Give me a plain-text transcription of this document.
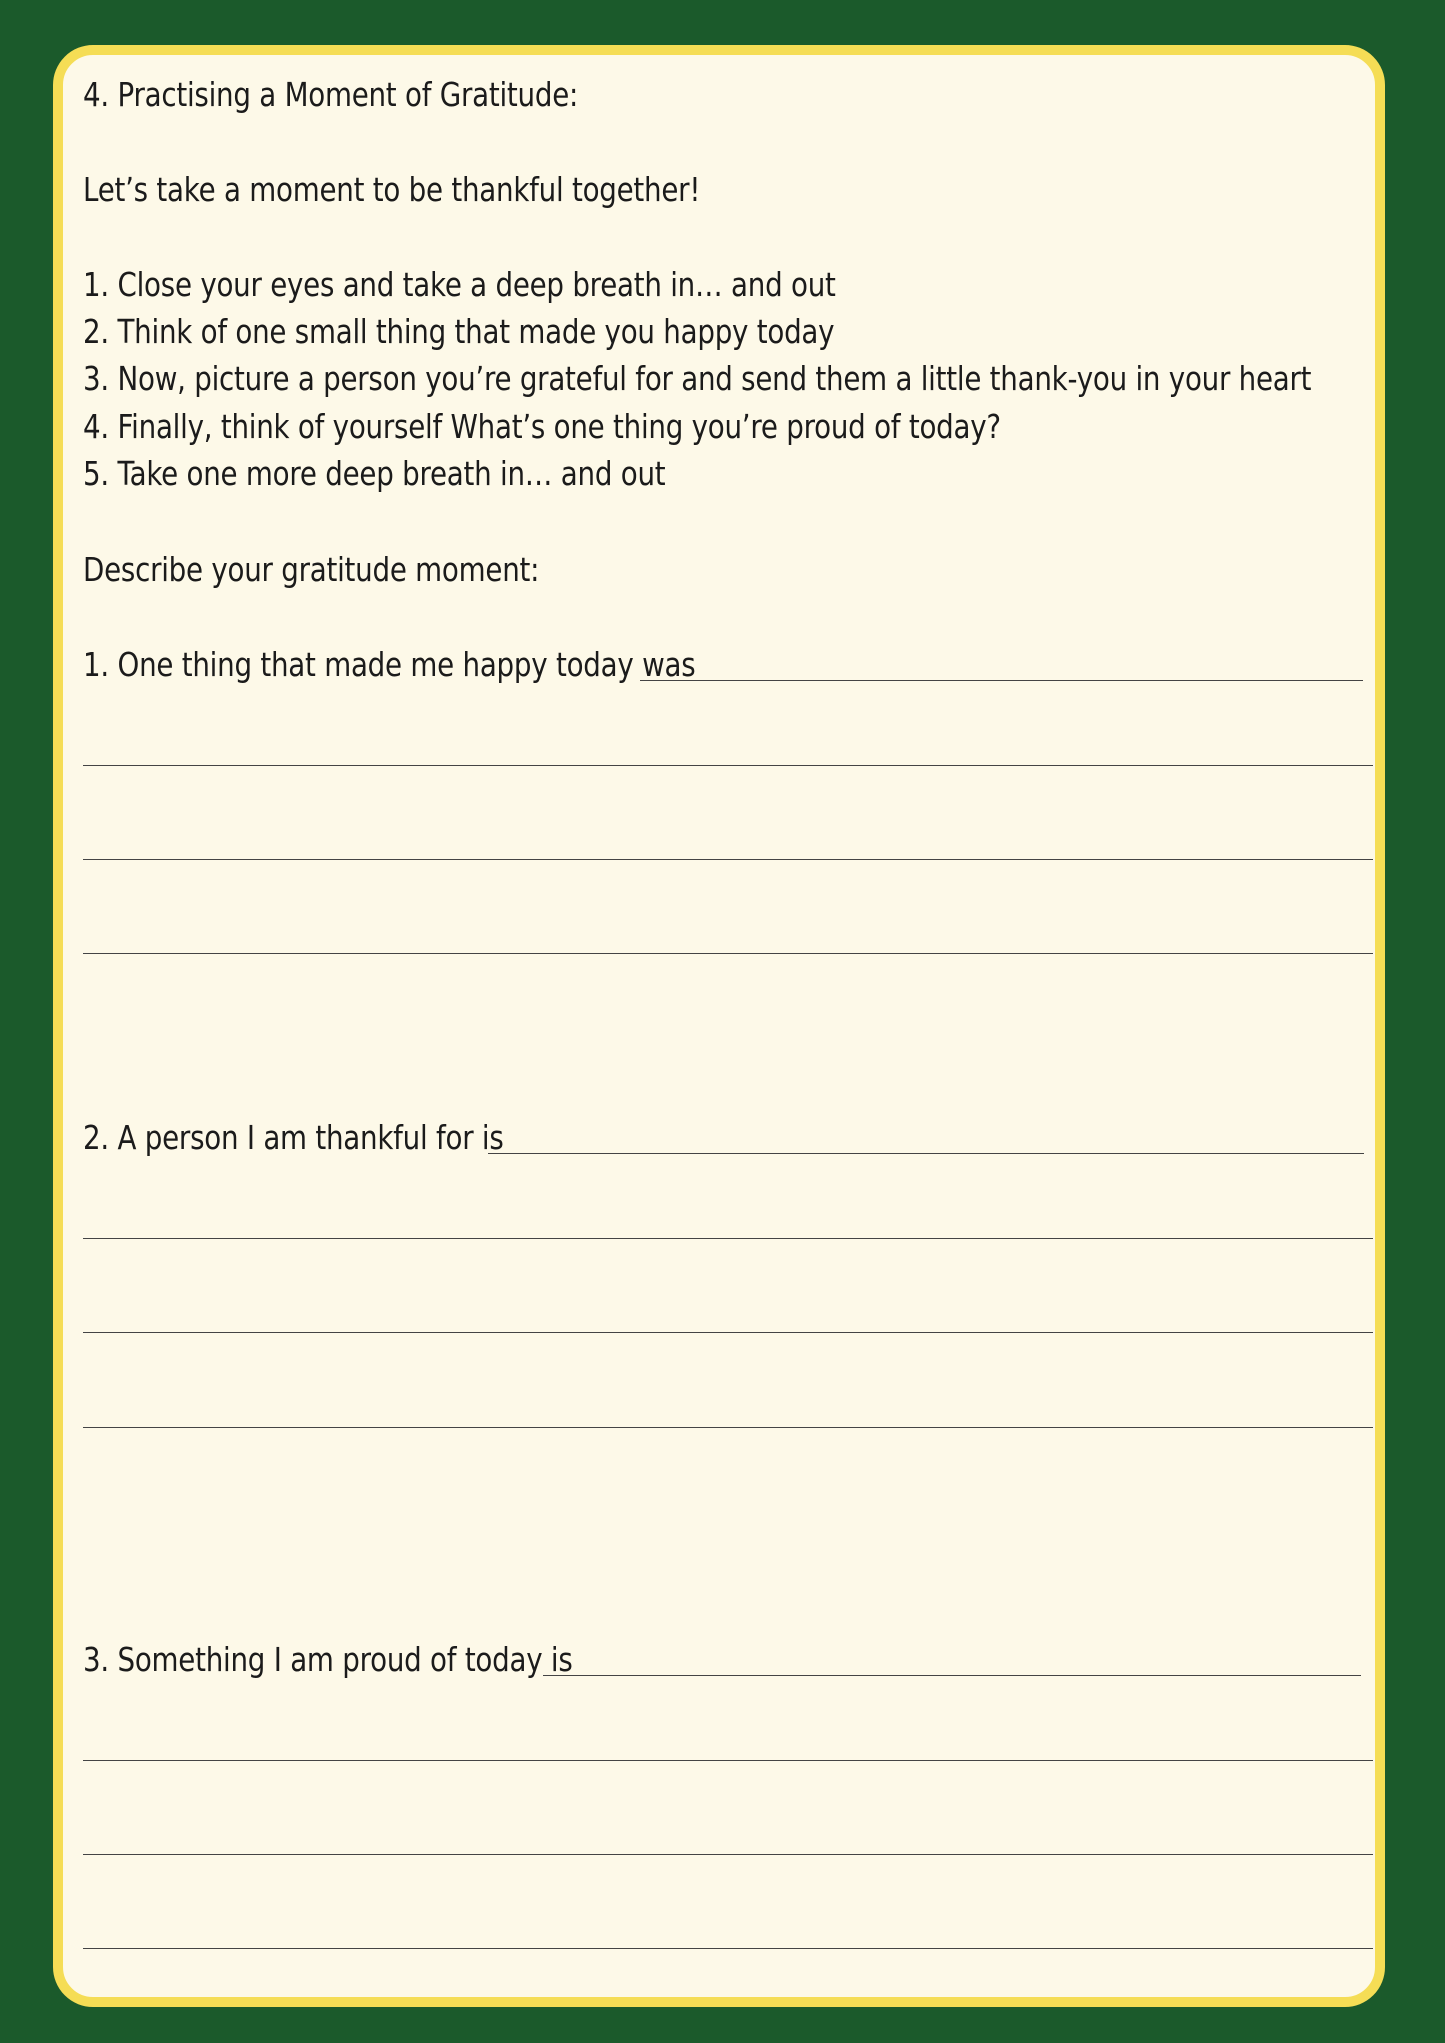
4. Practising a Moment of Gratitude:

Let’s take a moment to be thankful together!

1. Close your eyes and take a deep breath in… and out

2. Think of one small thing that made you happy today

3. Now, picture a person you’re grateful for and send them a little thank-you in your heart

4. Finally, think of yourself What’s one thing you’re proud of today?

5. Take one more deep breath in… and out

Describe your gratitude moment:

1. One thing that made me happy today was

2. A person I am thankful for is

3. Something I am proud of today is
